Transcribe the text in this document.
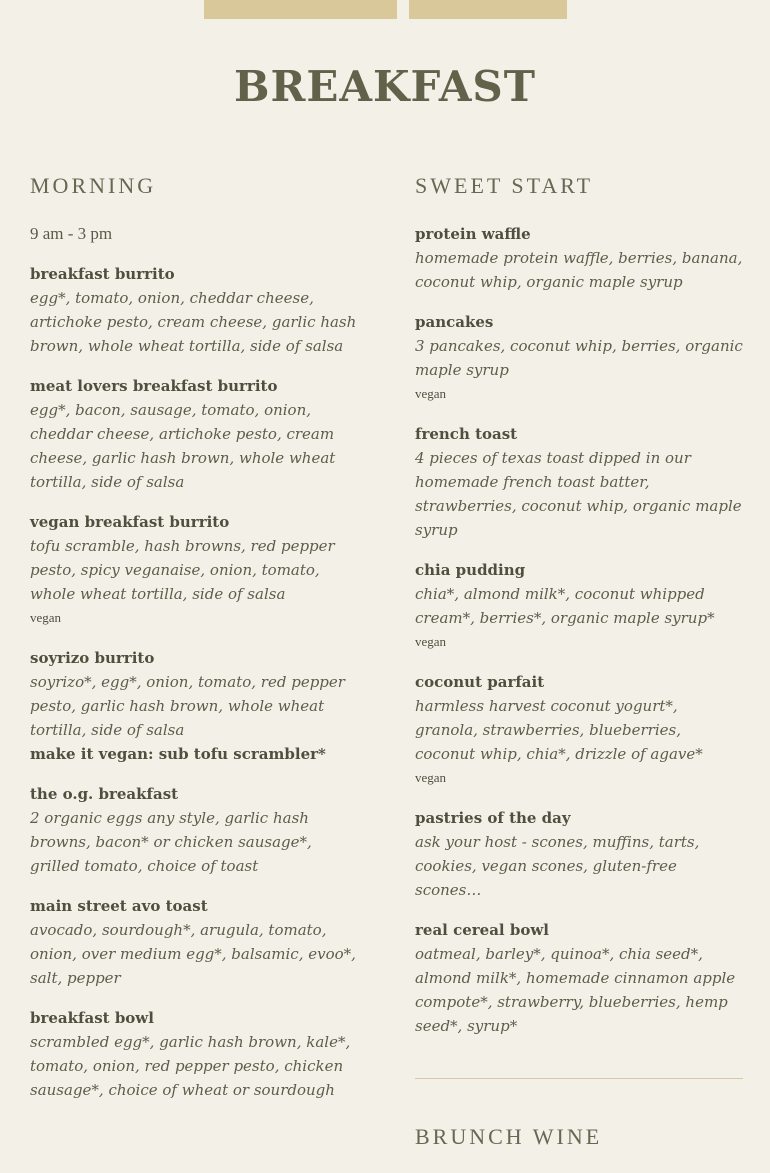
BREAKFAST
MORNING
9 am - 3 pm
breakfast burrito
egg*, tomato, onion, cheddar cheese, artichoke pesto, cream cheese, garlic hash brown, whole wheat tortilla, side of salsa
meat lovers breakfast burrito
egg*, bacon, sausage, tomato, onion, cheddar cheese, artichoke pesto, cream cheese, garlic hash brown, whole wheat tortilla, side of salsa
vegan breakfast burrito
tofu scramble, hash browns, red pepper pesto, spicy veganaise, onion, tomato, whole wheat tortilla, side of salsa
vegan
soyrizo burrito
soyrizo*, egg*, onion, tomato, red pepper pesto, garlic hash brown, whole wheat tortilla, side of salsa
make it vegan: sub tofu scrambler*
the o.g. breakfast
2 organic eggs any style, garlic hash browns, bacon* or chicken sausage*, grilled tomato, choice of toast
main street avo toast
avocado, sourdough*, arugula, tomato, onion, over medium egg*, balsamic, evoo*, salt, pepper
breakfast bowl
scrambled egg*, garlic hash brown, kale*, tomato, onion, red pepper pesto, chicken sausage*, choice of wheat or sourdough
SWEET START
protein waffle
homemade protein waffle, berries, banana, coconut whip, organic maple syrup
pancakes
3 pancakes, coconut whip, berries, organic maple syrup
vegan
french toast
4 pieces of texas toast dipped in our homemade french toast batter, strawberries, coconut whip, organic maple syrup
chia pudding
chia*, almond milk*, coconut whipped cream*, berries*, organic maple syrup*
vegan
coconut parfait
harmless harvest coconut yogurt*, granola, strawberries, blueberries, coconut whip, chia*, drizzle of agave*
vegan
pastries of the day
ask your host - scones, muffins, tarts, cookies, vegan scones, gluten-free scones…
real cereal bowl
oatmeal, barley*, quinoa*, chia seed*, almond milk*, homemade cinnamon apple compote*, strawberry, blueberries, hemp seed*, syrup*
BRUNCH WINE
